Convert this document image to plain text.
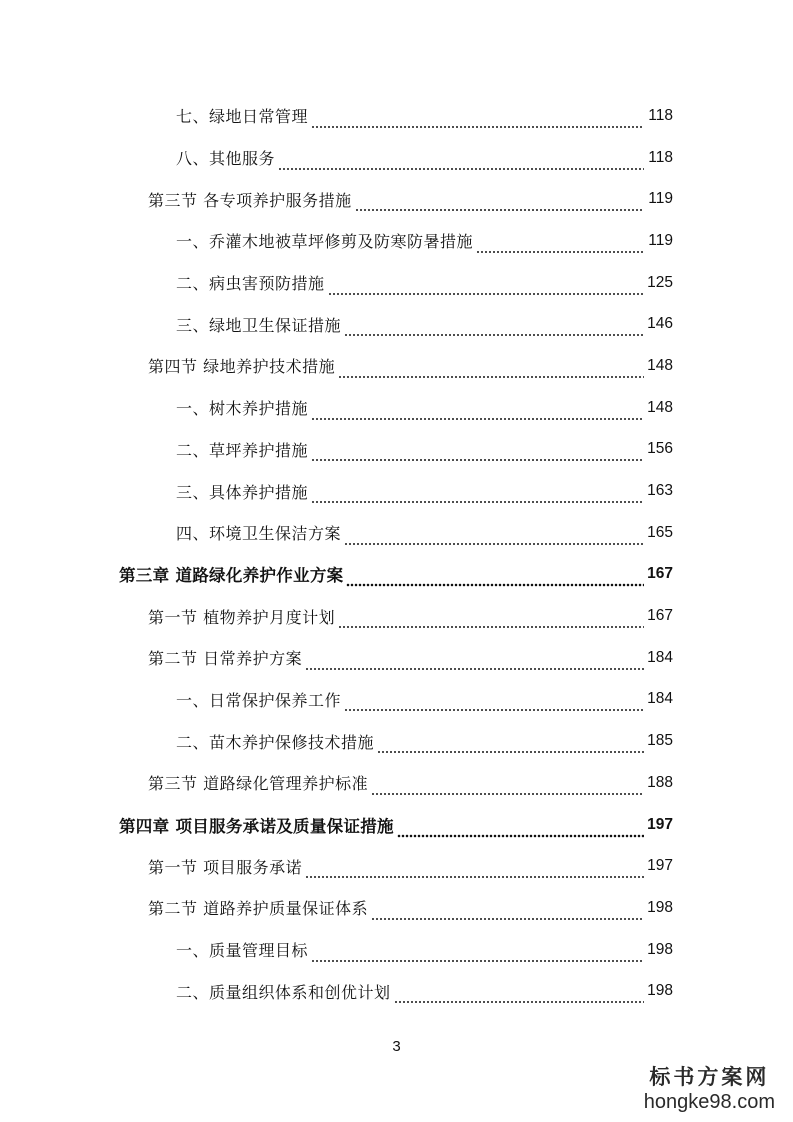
七、绿地日常管理	118
八、其他服务	118
第三节 各专项养护服务措施	119
一、乔灌木地被草坪修剪及防寒防暑措施	119
二、病虫害预防措施	125
三、绿地卫生保证措施	146
第四节 绿地养护技术措施	148
一、树木养护措施	148
二、草坪养护措施	156
三、具体养护措施	163
四、环境卫生保洁方案	165
第三章 道路绿化养护作业方案	167
第一节 植物养护月度计划	167
第二节 日常养护方案	184
一、日常保护保养工作	184
二、苗木养护保修技术措施	185
第三节 道路绿化管理养护标准	188
第四章 项目服务承诺及质量保证措施	197
第一节 项目服务承诺	197
第二节 道路养护质量保证体系	198
一、质量管理目标	198
二、质量组织体系和创优计划	198
3
标书方案网
hongke98.com
